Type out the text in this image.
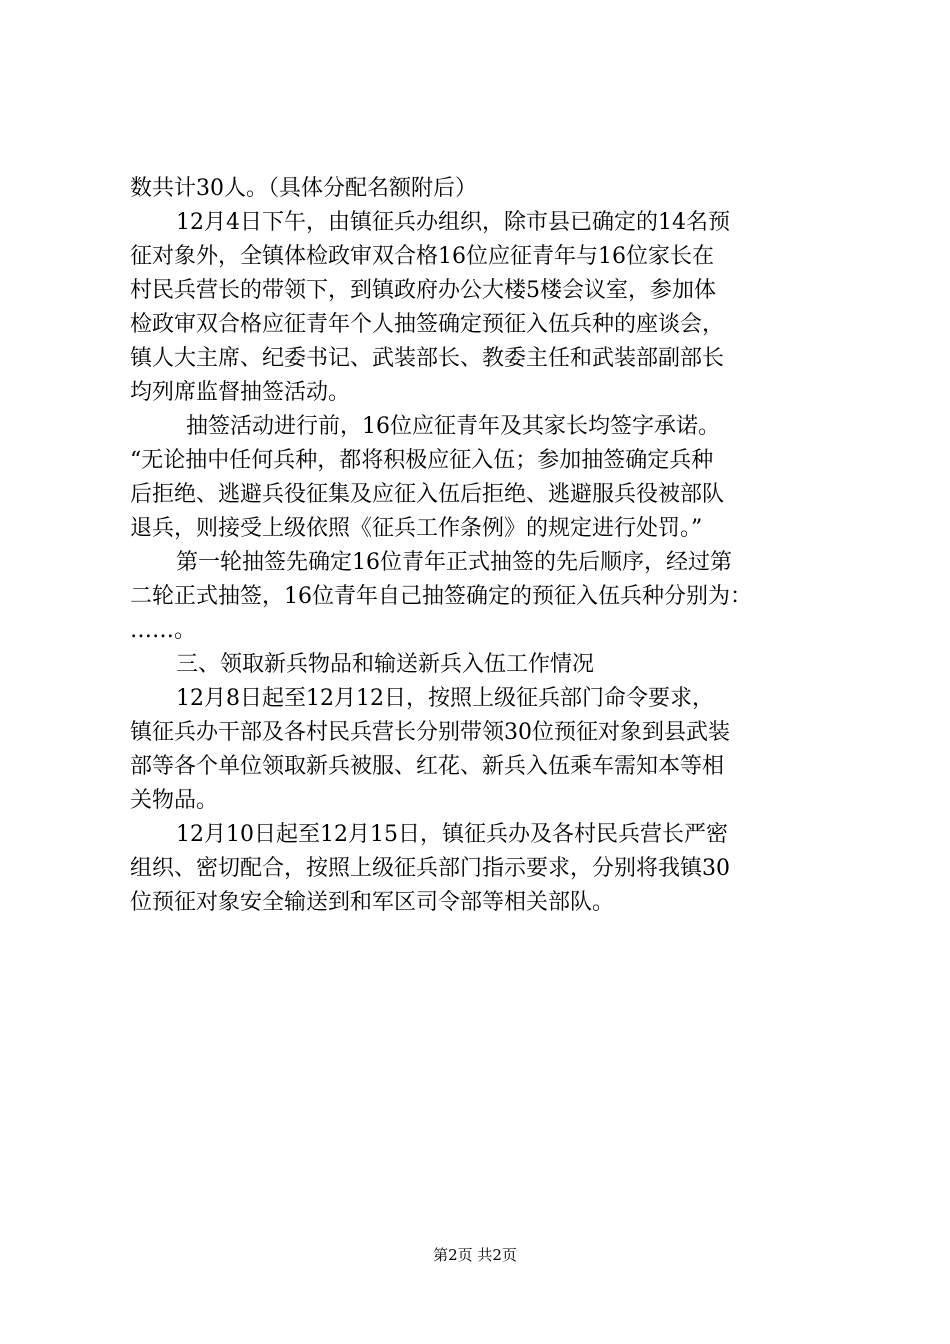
数共计30人。（具体分配名额附后）
12月4日下午，由镇征兵办组织，除市县已确定的14名预
征对象外，全镇体检政审双合格16位应征青年与16位家长在
村民兵营长的带领下，到镇政府办公大楼5楼会议室，参加体
检政审双合格应征青年个人抽签确定预征入伍兵种的座谈会，
镇人大主席、纪委书记、武装部长、教委主任和武装部副部长
均列席监督抽签活动。
抽签活动进行前，16位应征青年及其家长均签字承诺。
“无论抽中任何兵种，都将积极应征入伍；参加抽签确定兵种
后拒绝、逃避兵役征集及应征入伍后拒绝、逃避服兵役被部队
退兵，则接受上级依照《征兵工作条例》的规定进行处罚。”
第一轮抽签先确定16位青年正式抽签的先后顺序，经过第
二轮正式抽签，16位青年自己抽签确定的预征入伍兵种分别为：
……。
三、领取新兵物品和输送新兵入伍工作情况
12月8日起至12月12日，按照上级征兵部门命令要求，
镇征兵办干部及各村民兵营长分别带领30位预征对象到县武装
部等各个单位领取新兵被服、红花、新兵入伍乘车需知本等相
关物品。
12月10日起至12月15日，镇征兵办及各村民兵营长严密
组织、密切配合，按照上级征兵部门指示要求，分别将我镇30
位预征对象安全输送到和军区司令部等相关部队。
第2页 共2页
